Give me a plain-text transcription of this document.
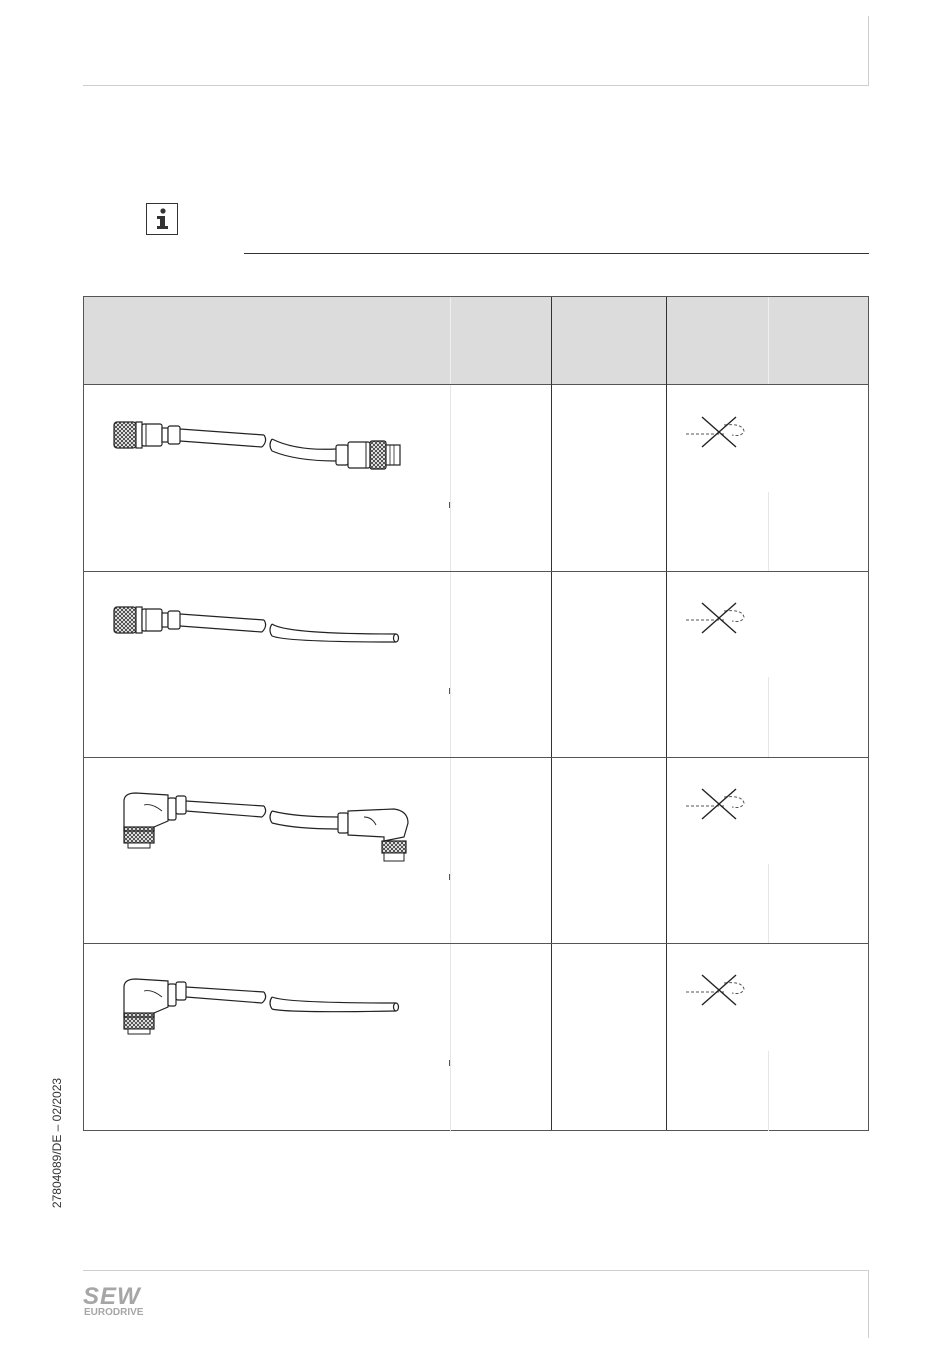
27804089/DE – 02/2023
SEW
EURODRIVE
